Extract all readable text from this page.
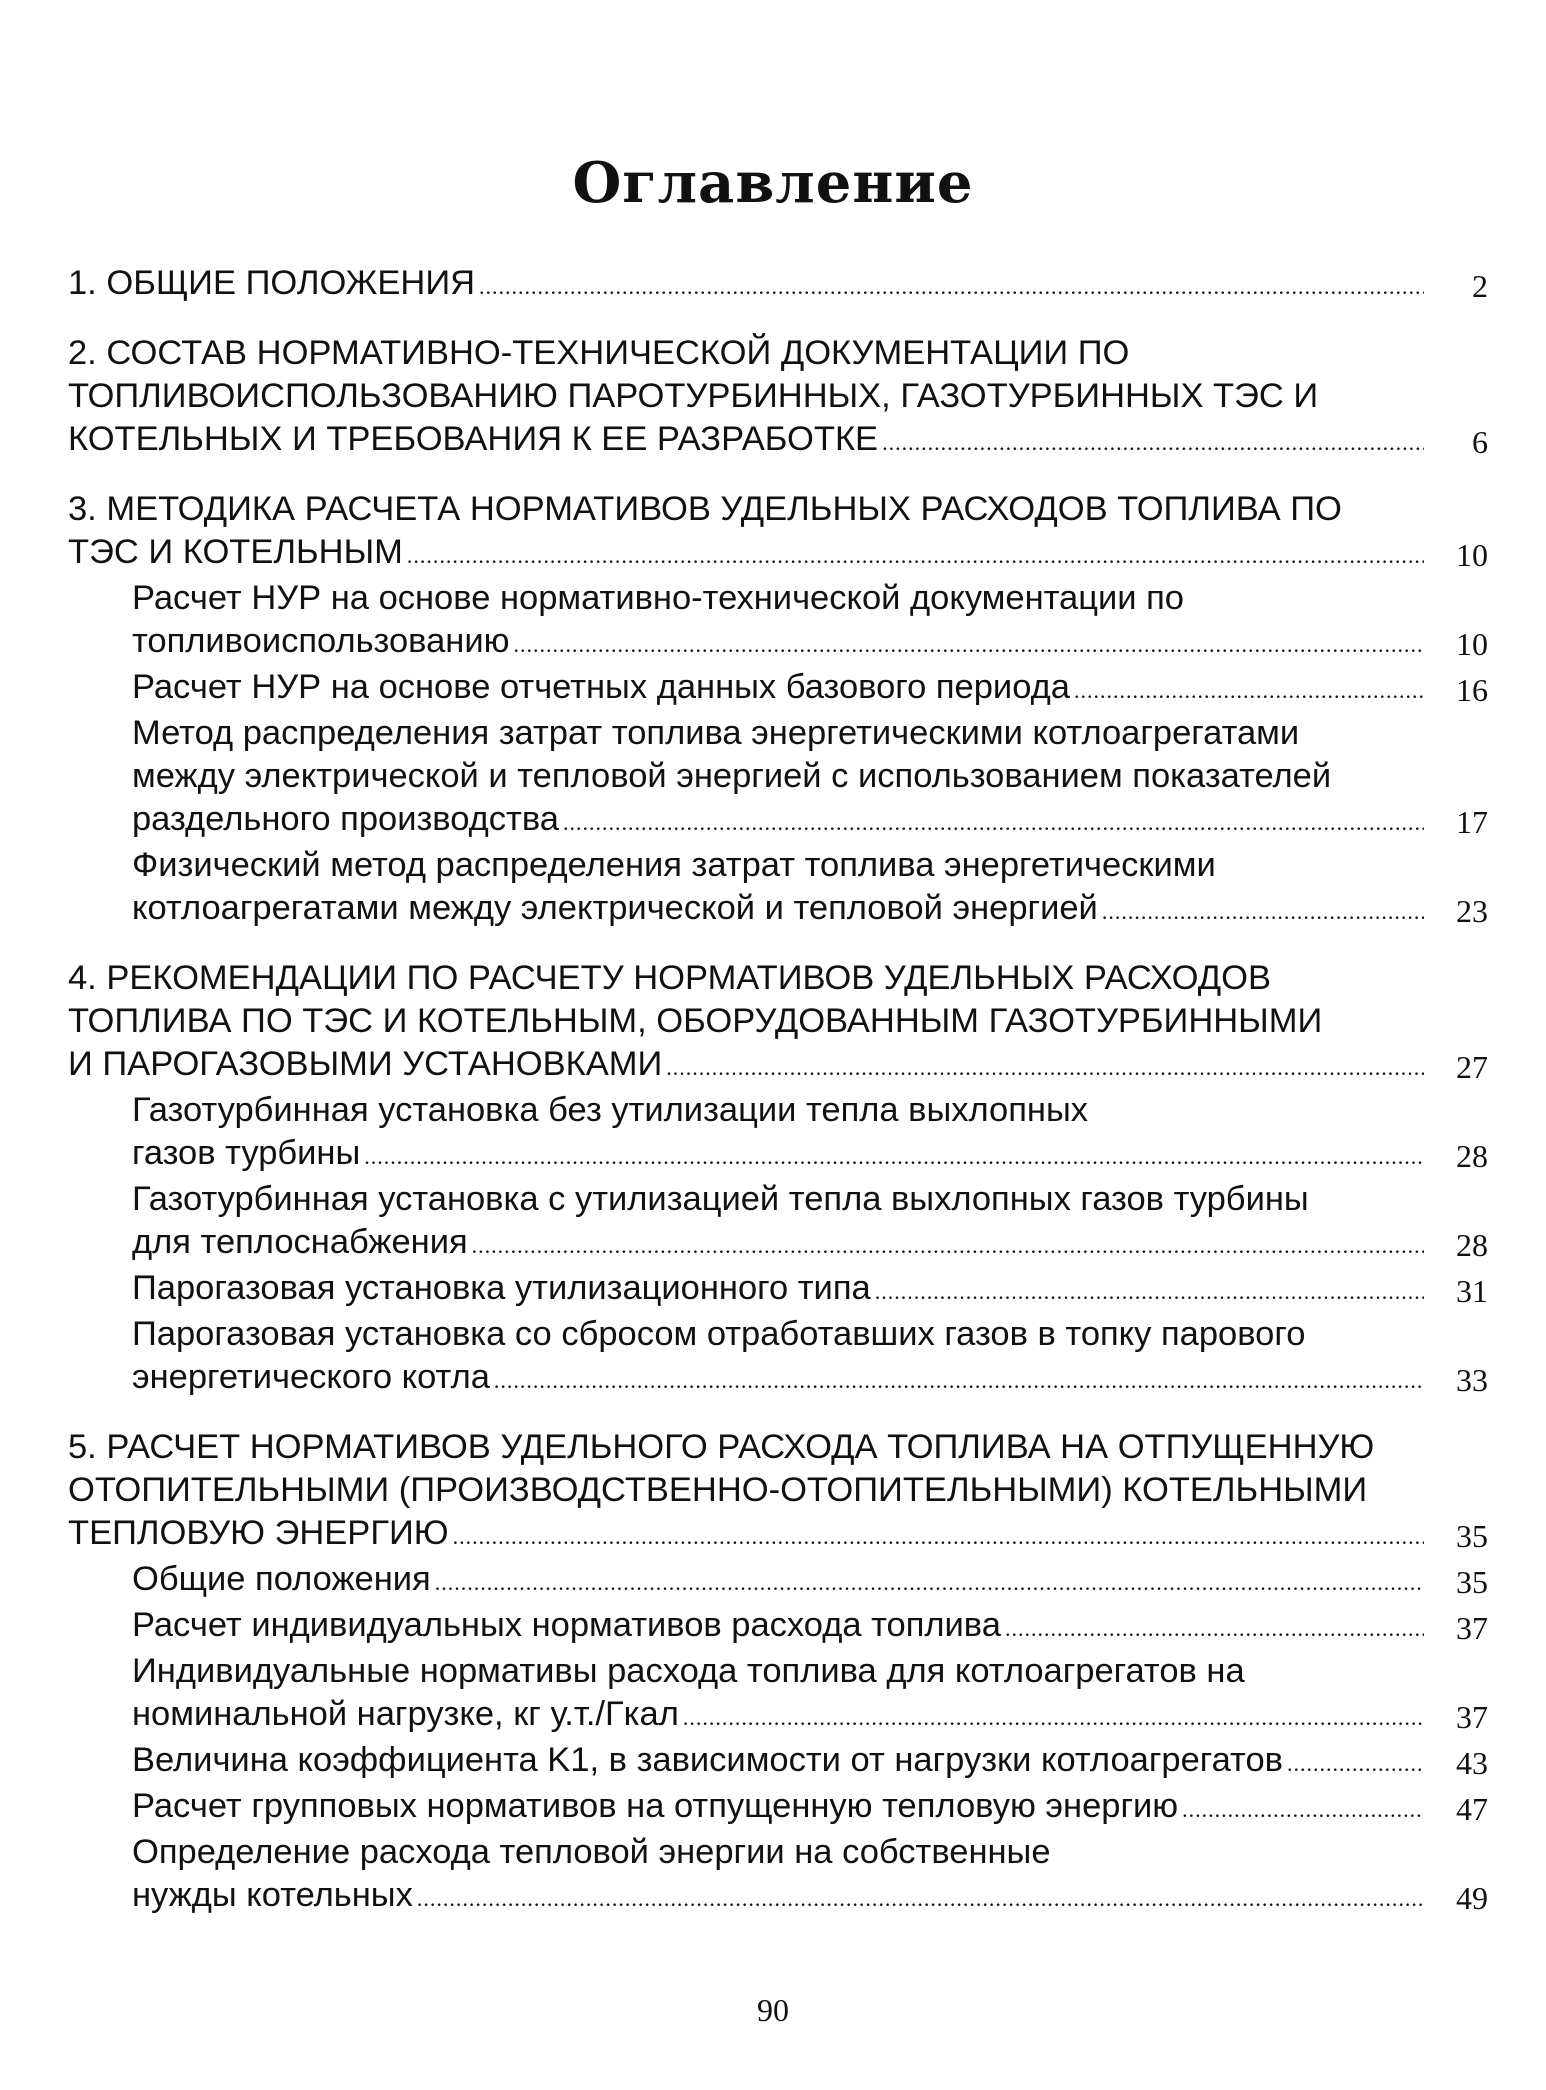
Оглавление
1. ОБЩИЕ ПОЛОЖЕНИЯ .....	2
2. СОСТАВ НОРМАТИВНО-ТЕХНИЧЕСКОЙ ДОКУМЕНТАЦИИ ПО
ТОПЛИВОИСПОЛЬЗОВАНИЮ ПАРОТУРБИННЫХ, ГАЗОТУРБИННЫХ ТЭС И
КОТЕЛЬНЫХ И ТРЕБОВАНИЯ К ЕЕ РАЗРАБОТКЕ .....	6
3. МЕТОДИКА РАСЧЕТА НОРМАТИВОВ УДЕЛЬНЫХ РАСХОДОВ ТОПЛИВА ПО
ТЭС И КОТЕЛЬНЫМ .....	10
Расчет НУР на основе нормативно-технической документации по
топливоиспользованию .....	10
Расчет НУР на основе отчетных данных базового периода .....	16
Метод распределения затрат топлива энергетическими котлоагрегатами
между электрической и тепловой энергией с использованием показателей
раздельного производства .....	17
Физический метод распределения затрат топлива энергетическими
котлоагрегатами между электрической и тепловой энергией .....	23
4. РЕКОМЕНДАЦИИ ПО РАСЧЕТУ НОРМАТИВОВ УДЕЛЬНЫХ РАСХОДОВ
ТОПЛИВА ПО ТЭС И КОТЕЛЬНЫМ, ОБОРУДОВАННЫМ ГАЗОТУРБИННЫМИ
И ПАРОГАЗОВЫМИ УСТАНОВКАМИ .....	27
Газотурбинная установка без утилизации тепла выхлопных
газов турбины .....	28
Газотурбинная установка с утилизацией тепла выхлопных газов турбины
для теплоснабжения .....	28
Парогазовая установка утилизационного типа .....	31
Парогазовая установка со сбросом отработавших газов в топку парового
энергетического котла .....	33
5. РАСЧЕТ НОРМАТИВОВ УДЕЛЬНОГО РАСХОДА ТОПЛИВА НА ОТПУЩЕННУЮ
ОТОПИТЕЛЬНЫМИ (ПРОИЗВОДСТВЕННО-ОТОПИТЕЛЬНЫМИ) КОТЕЛЬНЫМИ
ТЕПЛОВУЮ ЭНЕРГИЮ .....	35
Общие положения .....	35
Расчет индивидуальных нормативов расхода топлива .....	37
Индивидуальные нормативы расхода топлива для котлоагрегатов на
номинальной нагрузке, кг у.т./Гкал .....	37
Величина коэффициента K1, в зависимости от нагрузки котлоагрегатов .....	43
Расчет групповых нормативов на отпущенную тепловую энергию .....	47
Определение расхода тепловой энергии на собственные
нужды котельных .....	49
90
